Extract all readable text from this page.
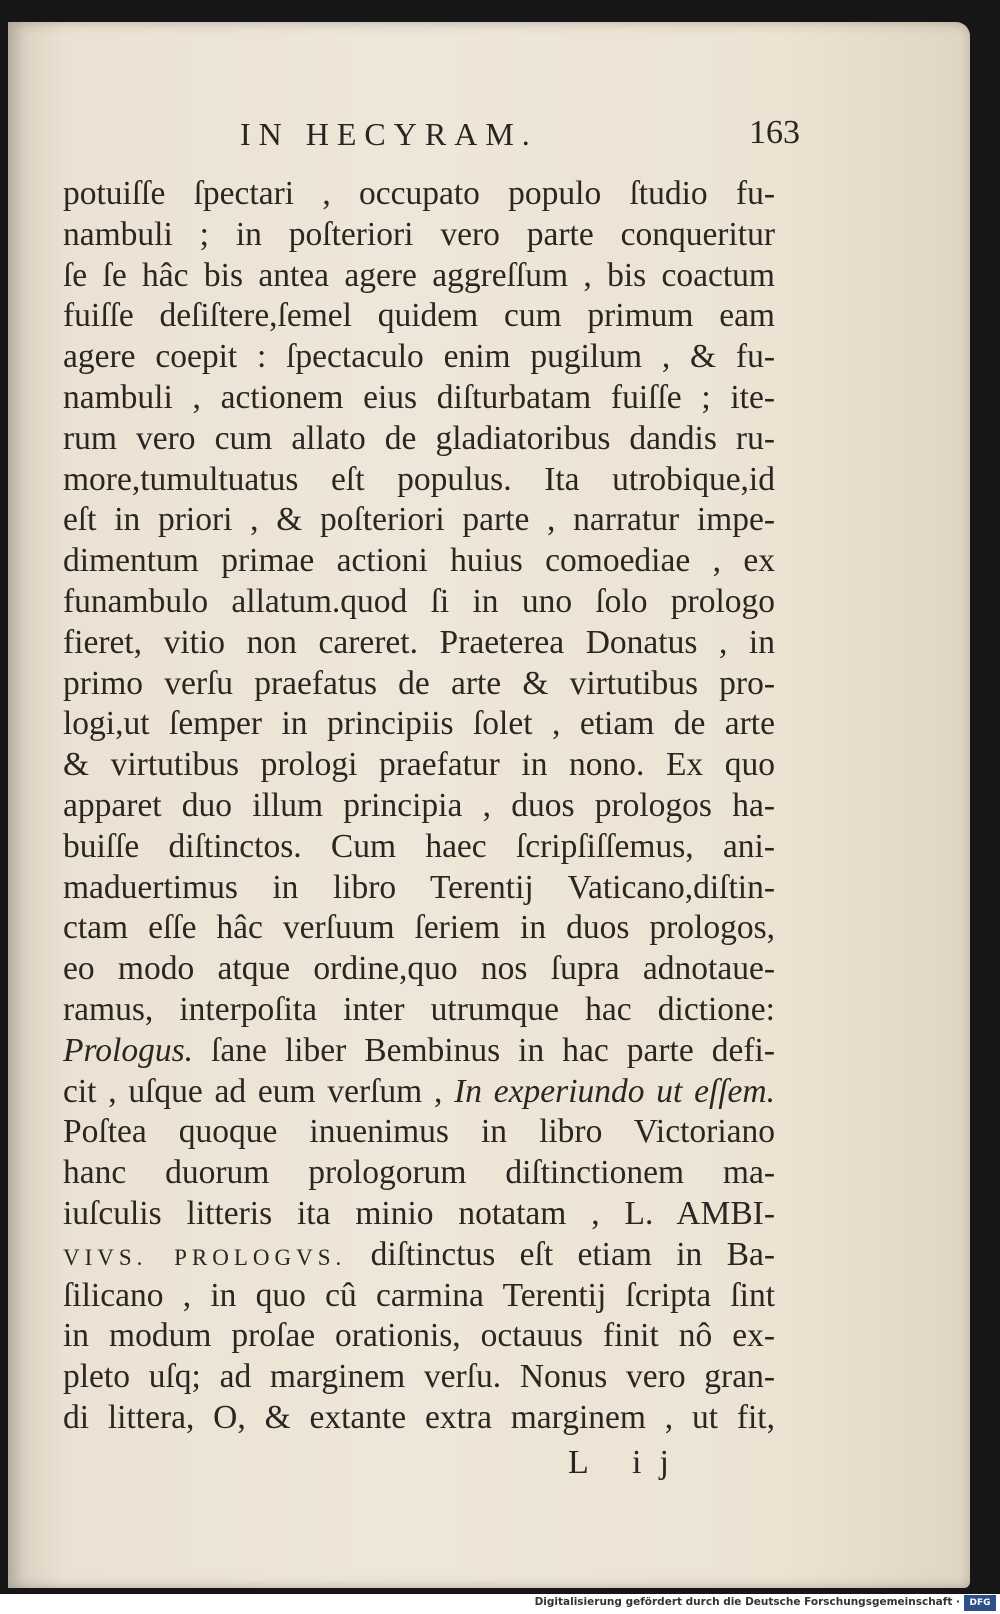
IN HECYRAM.	163
potuiſſe ſpectari , occupato populo ſtudio fu-
nambuli ; in poſteriori vero parte conqueritur
ſe ſe hâc bis antea agere aggreſſum , bis coactum
fuiſſe deſiſtere,ſemel quidem cum primum eam
agere coepit : ſpectaculo enim pugilum , & fu-
nambuli , actionem eius diſturbatam fuiſſe ; ite-
rum vero cum allato de gladiatoribus dandis ru-
more,tumultuatus eſt populus. Ita utrobique,id
eſt in priori , & poſteriori parte , narratur impe-
dimentum primae actioni huius comoediae , ex
funambulo allatum.quod ſi in uno ſolo prologo
fieret, vitio non careret. Praeterea Donatus , in
primo verſu praefatus de arte & virtutibus pro-
logi,ut ſemper in principiis ſolet , etiam de arte
& virtutibus prologi praefatur in nono. Ex quo
apparet duo illum principia , duos prologos ha-
buiſſe diſtinctos. Cum haec ſcripſiſſemus, ani-
maduertimus in libro Terentij Vaticano,diſtin-
ctam eſſe hâc verſuum ſeriem in duos prologos,
eo modo atque ordine,quo nos ſupra adnotaue-
ramus, interpoſita inter utrumque hac dictione:
Prologus. ſane liber Bembinus in hac parte defi-
cit , uſque ad eum verſum , In experiundo ut eſſem.
Poſtea quoque inuenimus in libro Victoriano
hanc duorum prologorum diſtinctionem ma-
iuſculis litteris ita minio notatam , L. AMBI-
VIVS. PROLOGVS. diſtinctus eſt etiam in Ba-
ſilicano , in quo cû carmina Terentij ſcripta ſint
in modum proſae orationis, octauus finit nô ex-
pleto uſq; ad marginem verſu. Nonus vero gran-
di littera, O, & extante extra marginem , ut fit,
L ij
Digitalisierung gefördert durch die Deutsche Forschungsgemeinschaft ·	DFG
